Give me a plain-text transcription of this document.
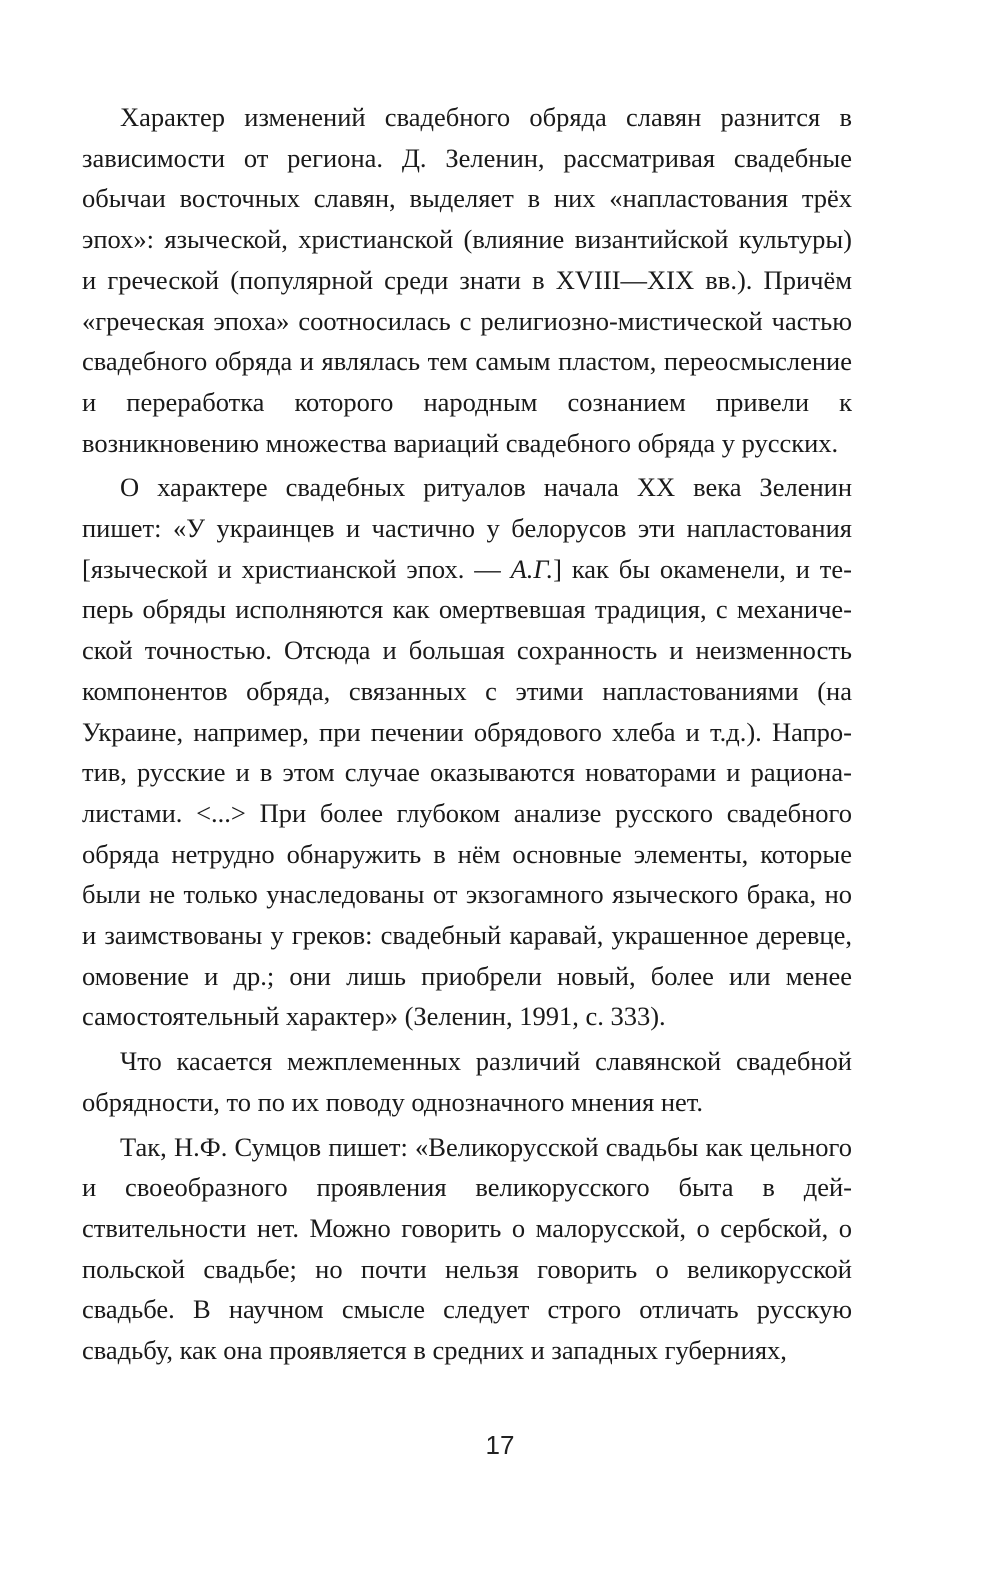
Характер изменений свадебного обряда славян разнится в зависимости от региона. Д. Зеленин, рассматривая свадебные обычаи восточных славян, выделяет в них «напластования трёх эпох»: языческой, христианской (влияние византийской культуры) и греческой (популярной среди знати в XVIII—XIX вв.). Причём «греческая эпоха» соотносилась с религиозно-мистической частью свадебного обряда и являлась тем самым пластом, переосмысление и переработка которого народным сознанием привели к возникновению множества вариаций свадебного обряда у русских.

О характере свадебных ритуалов начала XX века Зеленин пишет: «У украинцев и частично у белорусов эти напластования [языческой и христианской эпох. — А.Г.] как бы окаменели, и теперь обряды исполняются как омертвевшая традиция, с механической точностью. Отсюда и большая сохранность и неизменность компонентов обряда, связанных с этими напластованиями (на Украине, например, при печении обрядового хлеба и т.д.). Напротив, русские и в этом случае оказываются новаторами и рационалистами. <...> При более глубоком анализе русского свадебного обряда нетрудно обнаружить в нём основные элементы, которые были не только унаследованы от экзогамного языческого брака, но и заимствованы у греков: свадебный каравай, украшенное деревце, омовение и др.; они лишь приобрели новый, более или менее самостоятельный характер» (Зеленин, 1991, с. 333).

Что касается межплеменных различий славянской свадебной обрядности, то по их поводу однозначного мнения нет.

Так, Н.Ф. Сумцов пишет: «Великорусской свадьбы как цельного и своеобразного проявления великорусского быта в действительности нет. Можно говорить о малорусской, о сербской, о польской свадьбе; но почти нельзя говорить о великорусской свадьбе. В научном смысле следует строго отличать русскую свадьбу, как она проявляется в средних и западных губерниях,

17
